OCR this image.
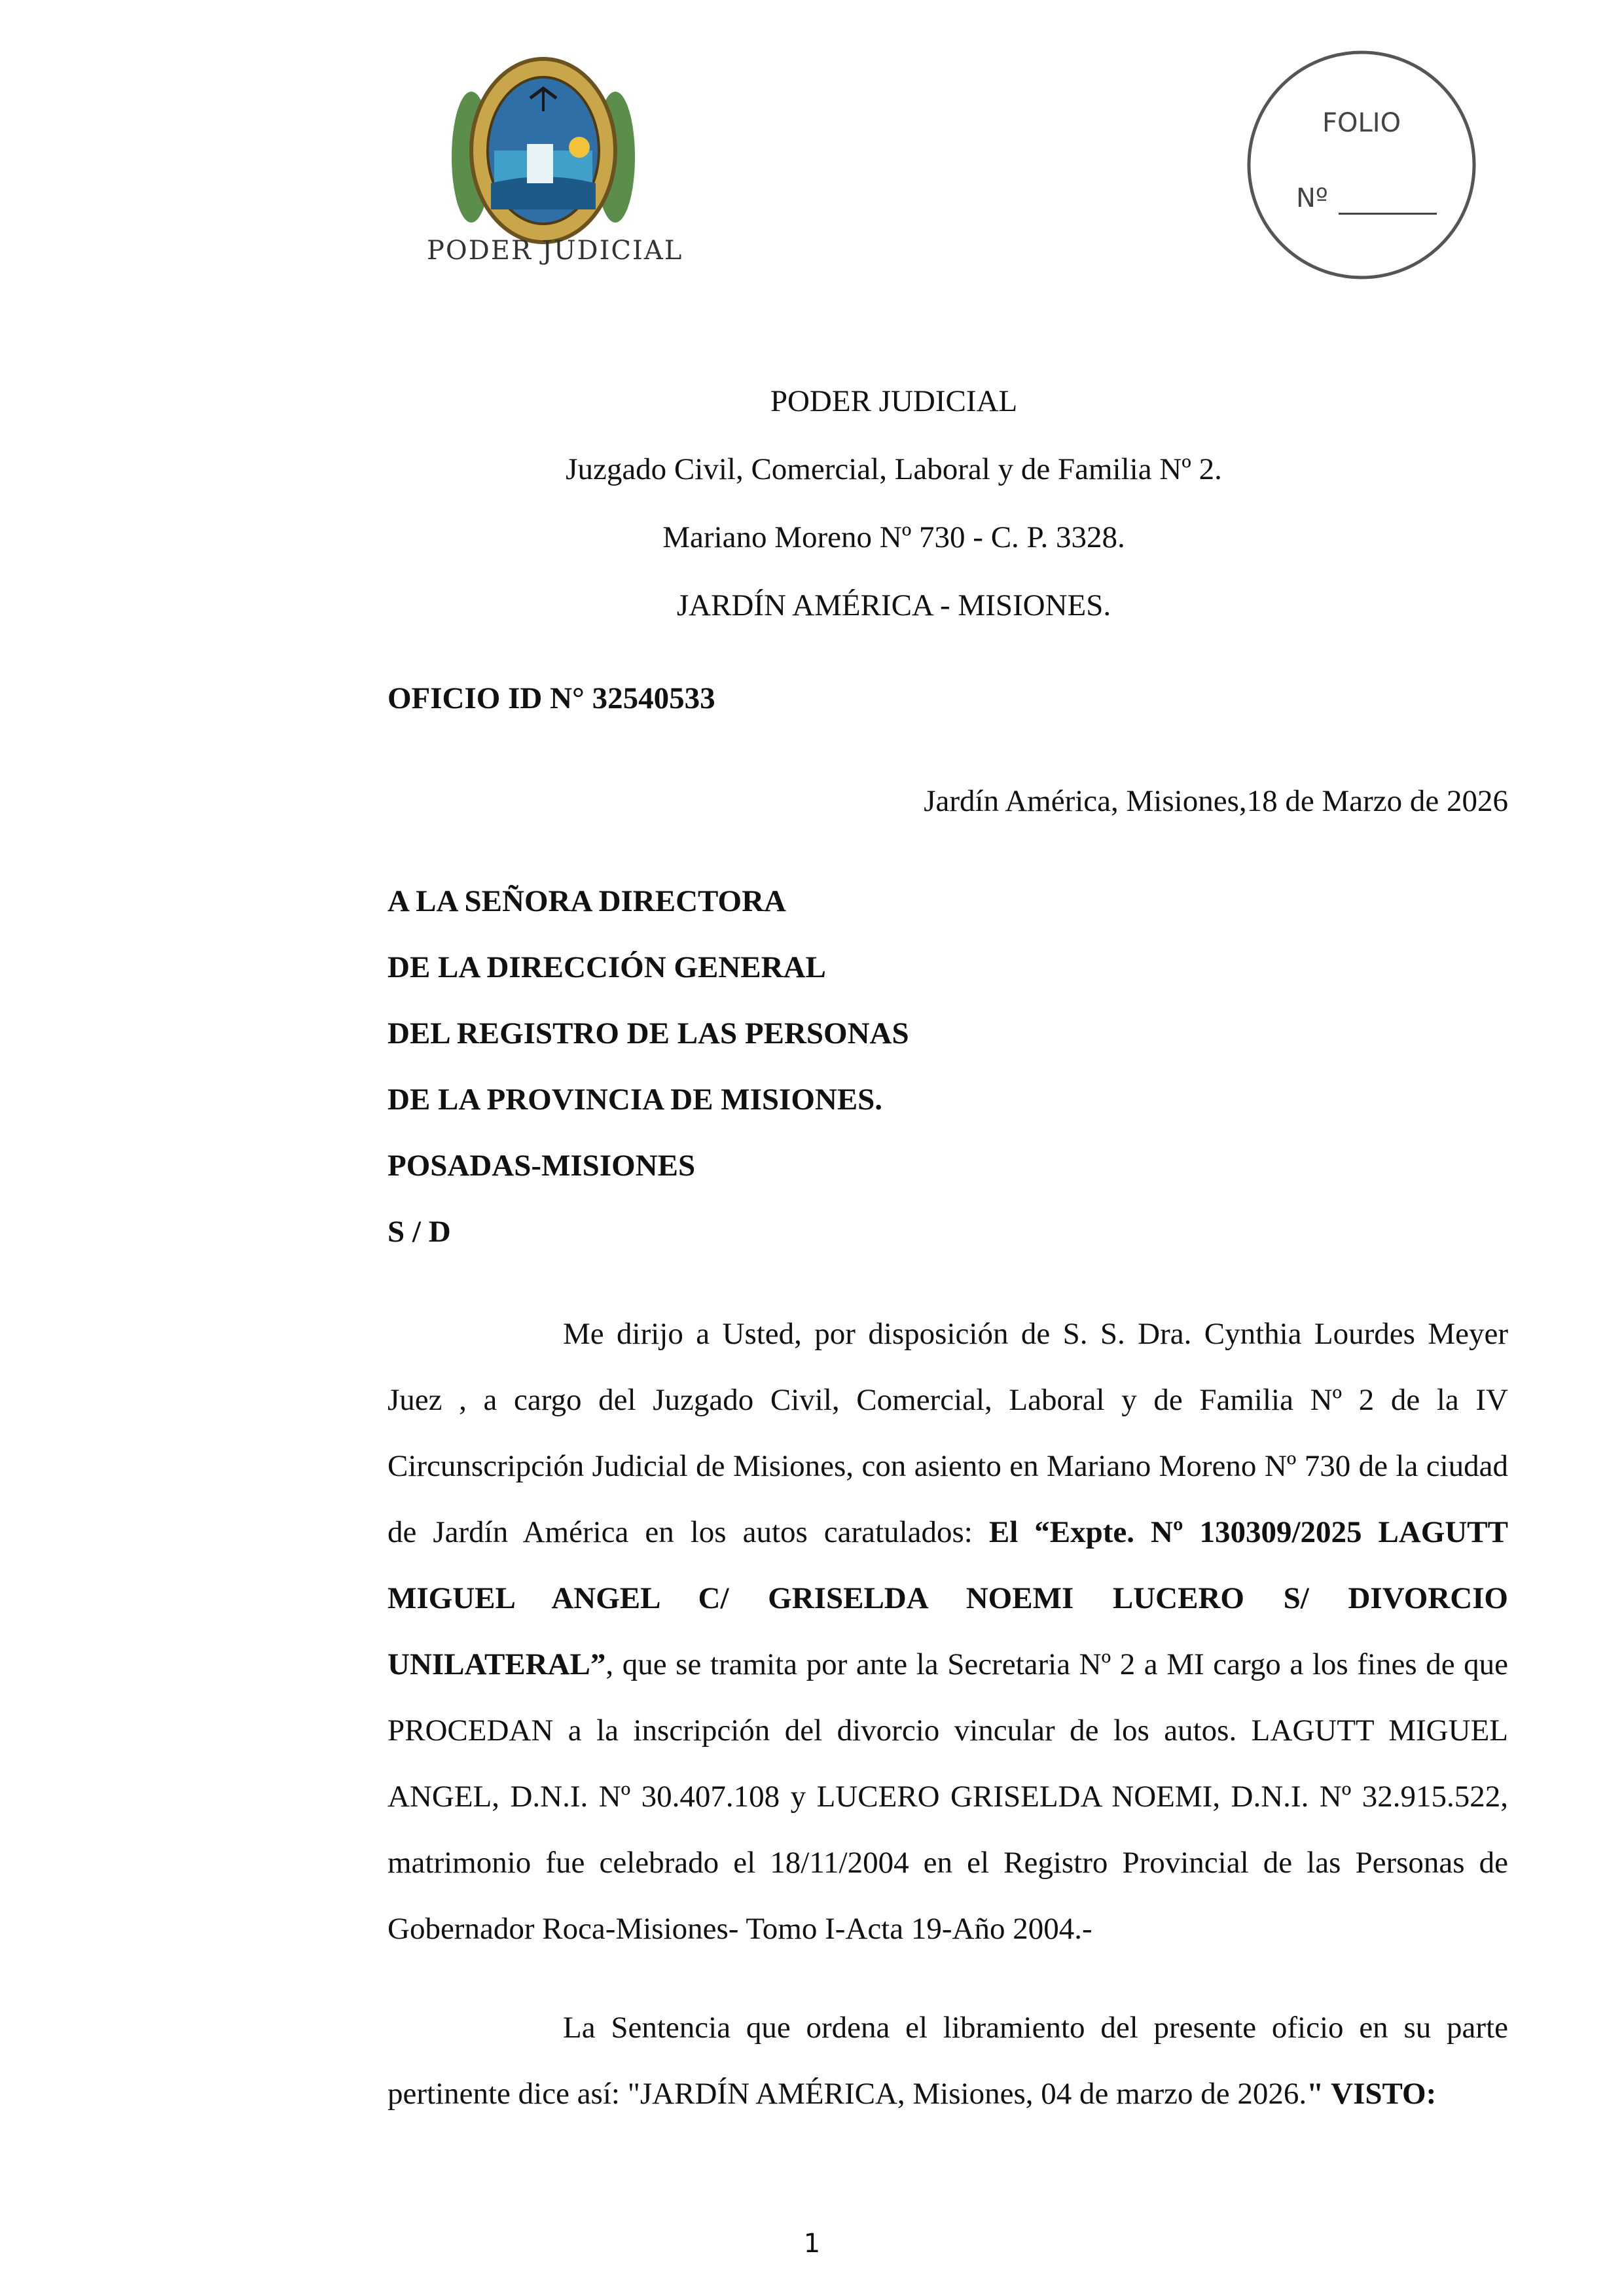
PODER JUDICIAL
FOLIO
Nº
PODER JUDICIAL
Juzgado Civil, Comercial, Laboral y de Familia Nº 2.
Mariano Moreno Nº 730 - C. P. 3328.
JARDÍN AMÉRICA - MISIONES.
OFICIO ID N° 32540533
Jardín América, Misiones,18 de Marzo de 2026
A LA SEÑORA DIRECTORA
DE LA DIRECCIÓN GENERAL
DEL REGISTRO DE LAS PERSONAS
DE LA PROVINCIA DE MISIONES.
POSADAS-MISIONES
S / D

Me dirijo a Usted, por disposición de S. S. Dra. Cynthia Lourdes Meyer Juez , a cargo del Juzgado Civil, Comercial, Laboral y de Familia Nº 2 de la IV Circunscripción Judicial de Misiones, con asiento en Mariano Moreno Nº 730 de la ciudad de Jardín América en los autos caratulados: El “Expte. Nº 130309/2025 LAGUTT MIGUEL ANGEL C/ GRISELDA NOEMI LUCERO S/ DIVORCIO UNILATERAL”, que se tramita por ante la Secretaria Nº 2 a MI cargo a los fines de que PROCEDAN a la inscripción del divorcio vincular de los autos. LAGUTT MIGUEL ANGEL, D.N.I. Nº 30.407.108 y LUCERO GRISELDA NOEMI, D.N.I. Nº 32.915.522, matrimonio fue celebrado el 18/11/2004 en el Registro Provincial de las Personas de Gobernador Roca-Misiones- Tomo I-Acta 19-Año 2004.-

La Sentencia que ordena el libramiento del presente oficio en su parte pertinente dice así: "JARDÍN AMÉRICA, Misiones, 04 de marzo de 2026." VISTO:

1
